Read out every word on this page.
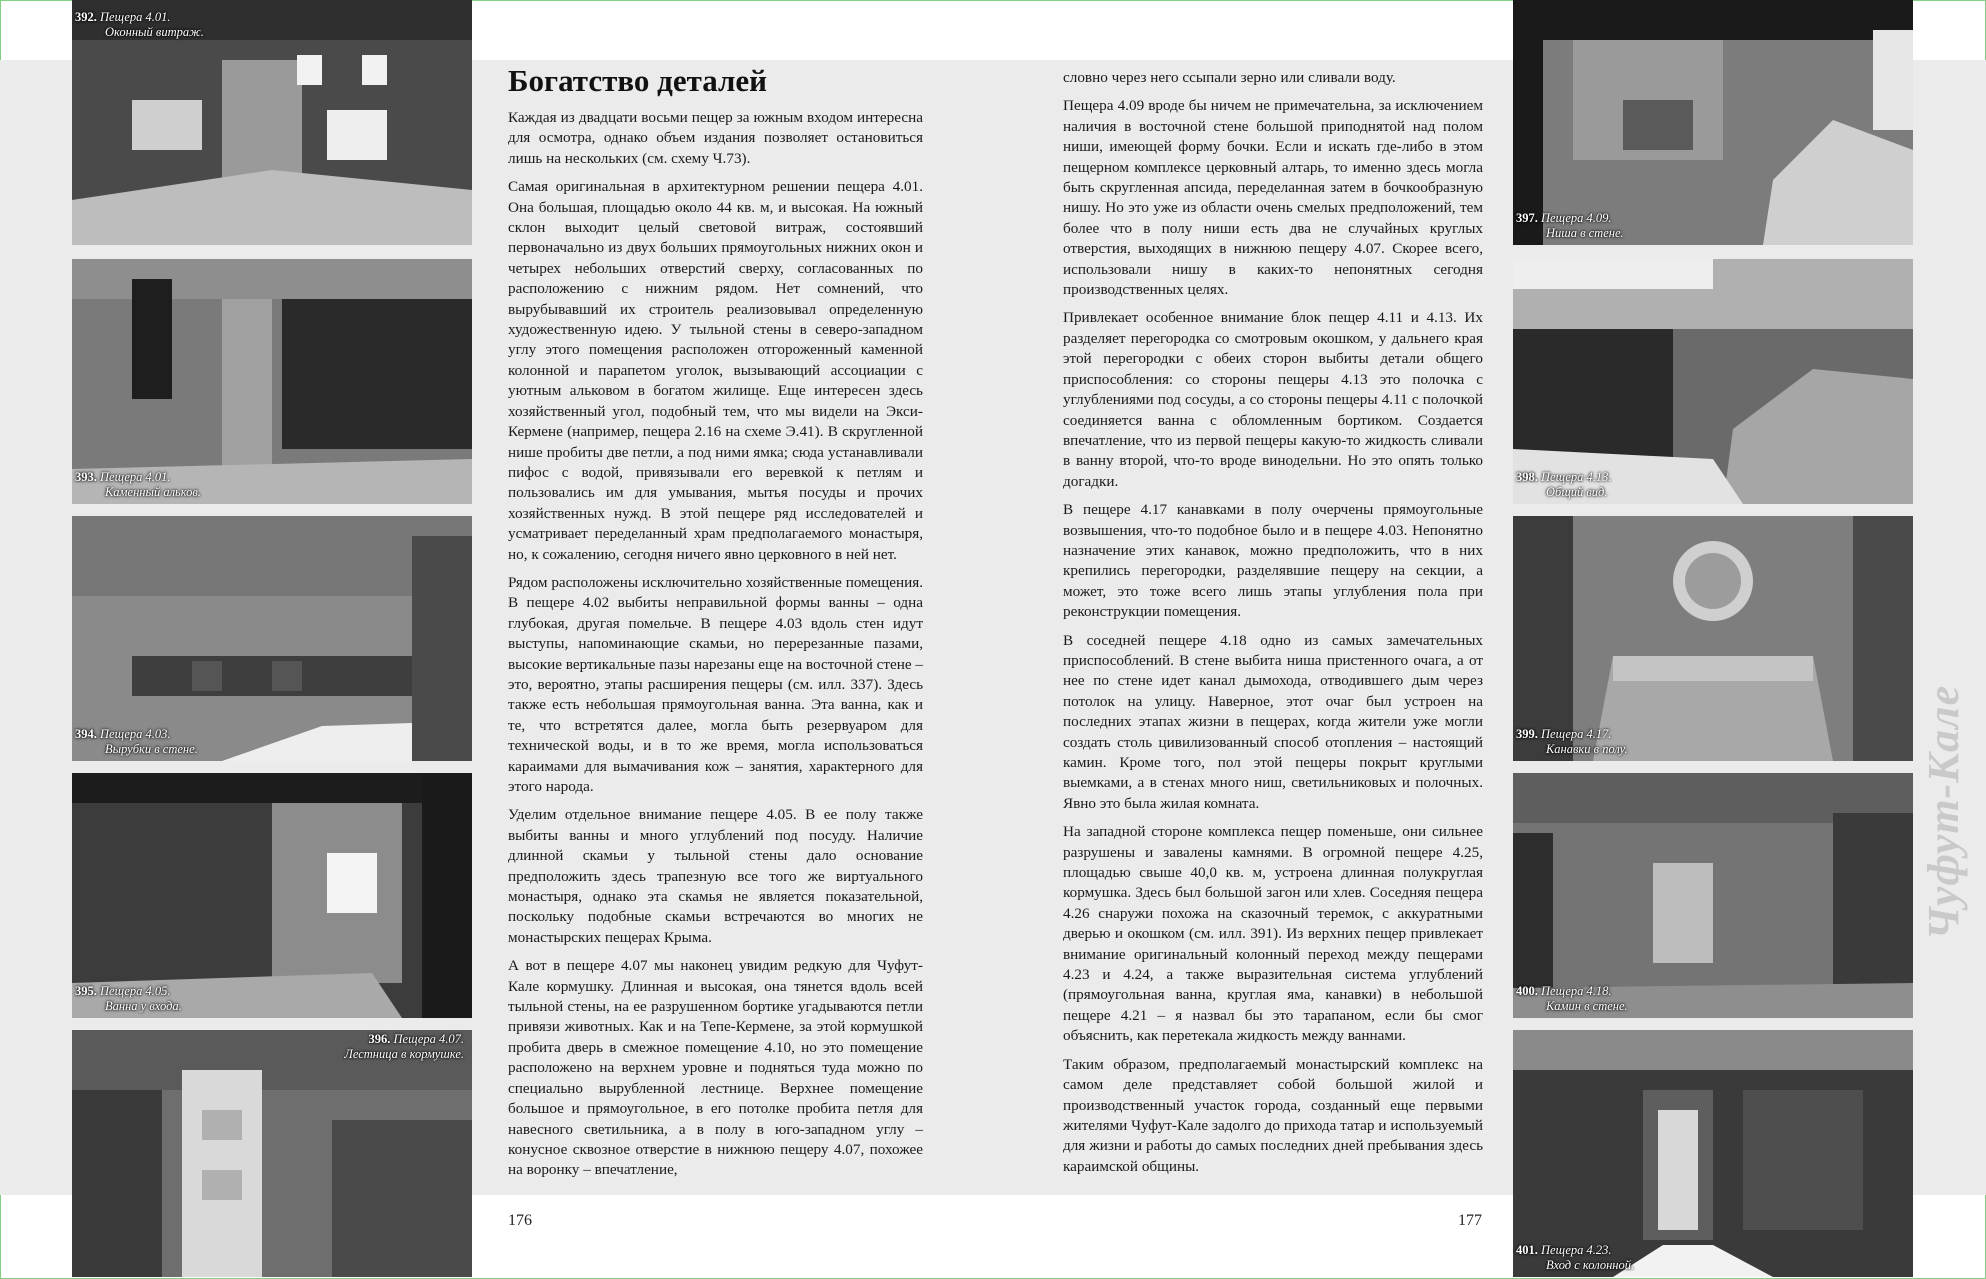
392. Пещера 4.01.
Оконный витраж.
393. Пещера 4.01.
Каменный альков.
394. Пещера 4.03.
Вырубки в стене.
395. Пещера 4.05.
Ванна у входа.
396. Пещера 4.07.
Лестница в кормушке.
397. Пещера 4.09.
Ниша в стене.
398. Пещера 4.13.
Общий вид.
399. Пещера 4.17.
Канавки в полу.
400. Пещера 4.18.
Камин в стене.
401. Пещера 4.23.
Вход с колонной.
Богатство деталей

Каждая из двадцати восьми пещер за южным входом интересна для осмотра, однако объем издания позволяет остановиться лишь на нескольких (см. схему Ч.73).

Самая оригинальная в архитектурном решении пещера 4.01. Она большая, площадью около 44 кв. м, и высокая. На южный склон выходит целый световой витраж, состоявший первоначально из двух больших прямоугольных нижних окон и четырех небольших отверстий сверху, согласованных по расположению с нижним рядом. Нет сомнений, что вырубывавший их строитель реализовывал определенную художественную идею. У тыльной стены в северо-западном углу этого помещения расположен отгороженный каменной колонной и парапетом уголок, вызывающий ассоциации с уютным альковом в богатом жилище. Еще интересен здесь хозяйственный угол, подобный тем, что мы видели на Экси-Кермене (например, пещера 2.16 на схеме Э.41). В скругленной нише пробиты две петли, а под ними ямка; сюда устанавливали пифос с водой, привязывали его веревкой к петлям и пользовались им для умывания, мытья посуды и прочих хозяйственных нужд. В этой пещере ряд исследователей и усматривает переделанный храм предполагаемого монастыря, но, к сожалению, сегодня ничего явно церковного в ней нет.

Рядом расположены исключительно хозяйственные помещения. В пещере 4.02 выбиты неправильной формы ванны – одна глубокая, другая помельче. В пещере 4.03 вдоль стен идут выступы, напоминающие скамьи, но перерезанные пазами, высокие вертикальные пазы нарезаны еще на восточной стене – это, вероятно, этапы расширения пещеры (см. илл. 337). Здесь также есть небольшая прямоугольная ванна. Эта ванна, как и те, что встретятся далее, могла быть резервуаром для технической воды, и в то же время, могла использоваться караимами для вымачивания кож – занятия, характерного для этого народа.

Уделим отдельное внимание пещере 4.05. В ее полу также выбиты ванны и много углублений под посуду. Наличие длинной скамьи у тыльной стены дало основание предположить здесь трапезную все того же виртуального монастыря, однако эта скамья не является показательной, поскольку подобные скамьи встречаются во многих не монастырских пещерах Крыма.

А вот в пещере 4.07 мы наконец увидим редкую для Чуфут-Кале кормушку. Длинная и высокая, она тянется вдоль всей тыльной стены, на ее разрушенном бортике угадываются петли привязи животных. Как и на Тепе-Кермене, за этой кормушкой пробита дверь в смежное помещение 4.10, но это помещение расположено на верхнем уровне и подняться туда можно по специально вырубленной лестнице. Верхнее помещение большое и прямоугольное, в его потолке пробита петля для навесного светильника, а в полу в юго-западном углу – конусное сквозное отверстие в нижнюю пещеру 4.07, похожее на воронку – впечатление,

словно через него ссыпали зерно или сливали воду.

Пещера 4.09 вроде бы ничем не примечательна, за исключением наличия в восточной стене большой приподнятой над полом ниши, имеющей форму бочки. Если и искать где-либо в этом пещерном комплексе церковный алтарь, то именно здесь могла быть скругленная апсида, переделанная затем в бочкообразную нишу. Но это уже из области очень смелых предположений, тем более что в полу ниши есть два не случайных круглых отверстия, выходящих в нижнюю пещеру 4.07. Скорее всего, использовали нишу в каких-то непонятных сегодня производственных целях.

Привлекает особенное внимание блок пещер 4.11 и 4.13. Их разделяет перегородка со смотровым окошком, у дальнего края этой перегородки с обеих сторон выбиты детали общего приспособления: со стороны пещеры 4.13 это полочка с углублениями под сосуды, а со стороны пещеры 4.11 с полочкой соединяется ванна с обломленным бортиком. Создается впечатление, что из первой пещеры какую-то жидкость сливали в ванну второй, что-то вроде винодельни. Но это опять только догадки.

В пещере 4.17 канавками в полу очерчены прямоугольные возвышения, что-то подобное было и в пещере 4.03. Непонятно назначение этих канавок, можно предположить, что в них крепились перегородки, разделявшие пещеру на секции, а может, это тоже всего лишь этапы углубления пола при реконструкции помещения.

В соседней пещере 4.18 одно из самых замечательных приспособлений. В стене выбита ниша пристенного очага, а от нее по стене идет канал дымохода, отводившего дым через потолок на улицу. Наверное, этот очаг был устроен на последних этапах жизни в пещерах, когда жители уже могли создать столь цивилизованный способ отопления – настоящий камин. Кроме того, пол этой пещеры покрыт круглыми выемками, а в стенах много ниш, светильниковых и полочных. Явно это была жилая комната.

На западной стороне комплекса пещер поменьше, они сильнее разрушены и завалены камнями. В огромной пещере 4.25, площадью свыше 40,0 кв. м, устроена длинная полукруглая кормушка. Здесь был большой загон или хлев. Соседняя пещера 4.26 снаружи похожа на сказочный теремок, с аккуратными дверью и окошком (см. илл. 391). Из верхних пещер привлекает внимание оригинальный колонный переход между пещерами 4.23 и 4.24, а также выразительная система углублений (прямоугольная ванна, круглая яма, канавки) в небольшой пещере 4.21 – я назвал бы это тарапаном, если бы смог объяснить, как перетекала жидкость между ваннами.

Таким образом, предполагаемый монастырский комплекс на самом деле представляет собой большой жилой и производственный участок города, созданный еще первыми жителями Чуфут-Кале задолго до прихода татар и используемый для жизни и работы до самых последних дней пребывания здесь караимской общины.

176	177
Чуфут-Кале
